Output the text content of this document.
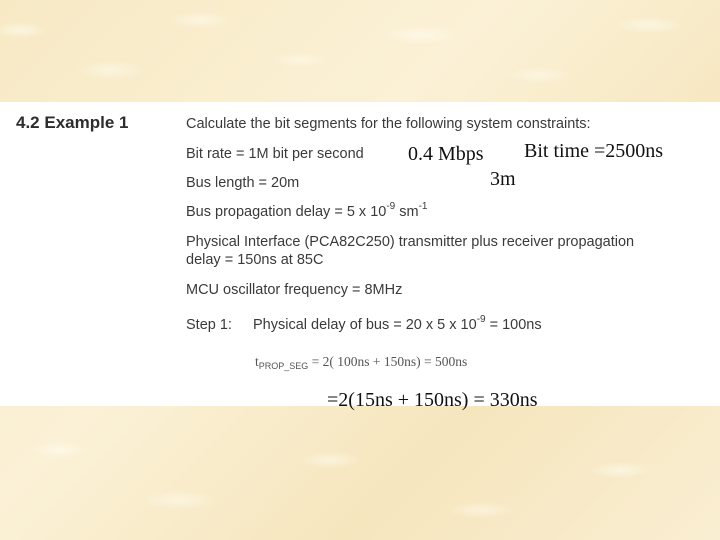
4.2 Example 1	Calculate the bit segments for the following system constraints:
Bit rate = 1M bit per second
Bus length = 20m
Bus propagation delay = 5 x $10^{-9}$ $sm^{-1}$
Physical Interface (PCA82C250) transmitter plus receiver propagation
delay = 150ns at 85C
MCU oscillator frequency = 8MHz
Step 1: Physical delay of bus = 20 x 5 x $10^{-9} = 100ns$
$t_{PROP\_SEG} = 2$( 100ns + 150ns) = 500ns
0.4 Mbps Bit time =2500ns
3m
=2(15ns + 150ns) = 330ns
